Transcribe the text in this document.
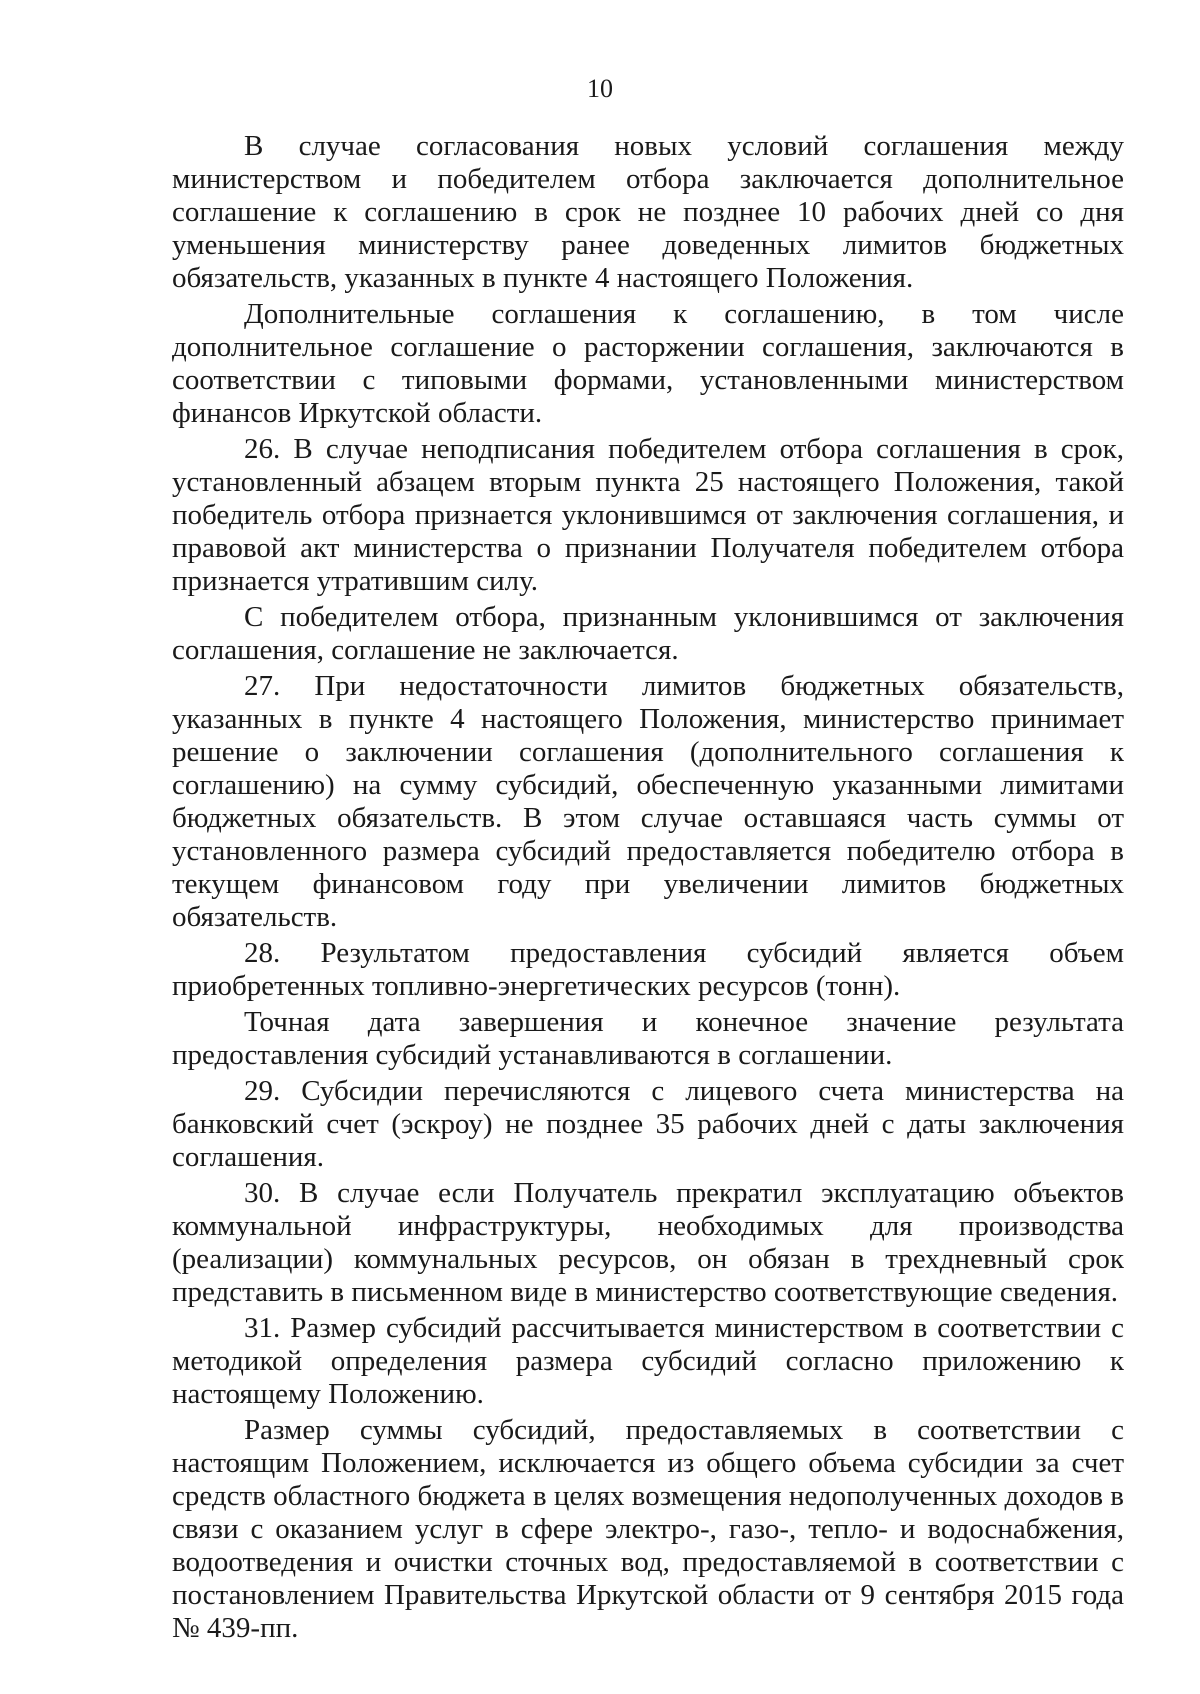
10

В случае согласования новых условий соглашения между министерством и победителем отбора заключается дополнительное соглашение к соглашению в срок не позднее 10 рабочих дней со дня уменьшения министерству ранее доведенных лимитов бюджетных обязательств, указанных в пункте 4 настоящего Положения.

Дополнительные соглашения к соглашению, в том числе дополнительное соглашение о расторжении соглашения, заключаются в соответствии с типовыми формами, установленными министерством финансов Иркутской области.

26. В случае неподписания победителем отбора соглашения в срок, установленный абзацем вторым пункта 25 настоящего Положения, такой победитель отбора признается уклонившимся от заключения соглашения, и правовой акт министерства о признании Получателя победителем отбора признается утратившим силу.

С победителем отбора, признанным уклонившимся от заключения соглашения, соглашение не заключается.

27. При недостаточности лимитов бюджетных обязательств, указанных в пункте 4 настоящего Положения, министерство принимает решение о заключении соглашения (дополнительного соглашения к соглашению) на сумму субсидий, обеспеченную указанными лимитами бюджетных обязательств. В этом случае оставшаяся часть суммы от установленного размера субсидий предоставляется победителю отбора в текущем финансовом году при увеличении лимитов бюджетных обязательств.

28. Результатом предоставления субсидий является объем приобретенных топливно-энергетических ресурсов (тонн).

Точная дата завершения и конечное значение результата предоставления субсидий устанавливаются в соглашении.

29. Субсидии перечисляются с лицевого счета министерства на банковский счет (эскроу) не позднее 35 рабочих дней с даты заключения соглашения.

30. В случае если Получатель прекратил эксплуатацию объектов коммунальной инфраструктуры, необходимых для производства (реализации) коммунальных ресурсов, он обязан в трехдневный срок представить в письменном виде в министерство соответствующие сведения.

31. Размер субсидий рассчитывается министерством в соответствии с методикой определения размера субсидий согласно приложению к настоящему Положению.

Размер суммы субсидий, предоставляемых в соответствии с настоящим Положением, исключается из общего объема субсидии за счет средств областного бюджета в целях возмещения недополученных доходов в связи с оказанием услуг в сфере электро-, газо-, тепло- и водоснабжения, водоотведения и очистки сточных вод, предоставляемой в соответствии с постановлением Правительства Иркутской области от 9 сентября 2015 года № 439-пп.
